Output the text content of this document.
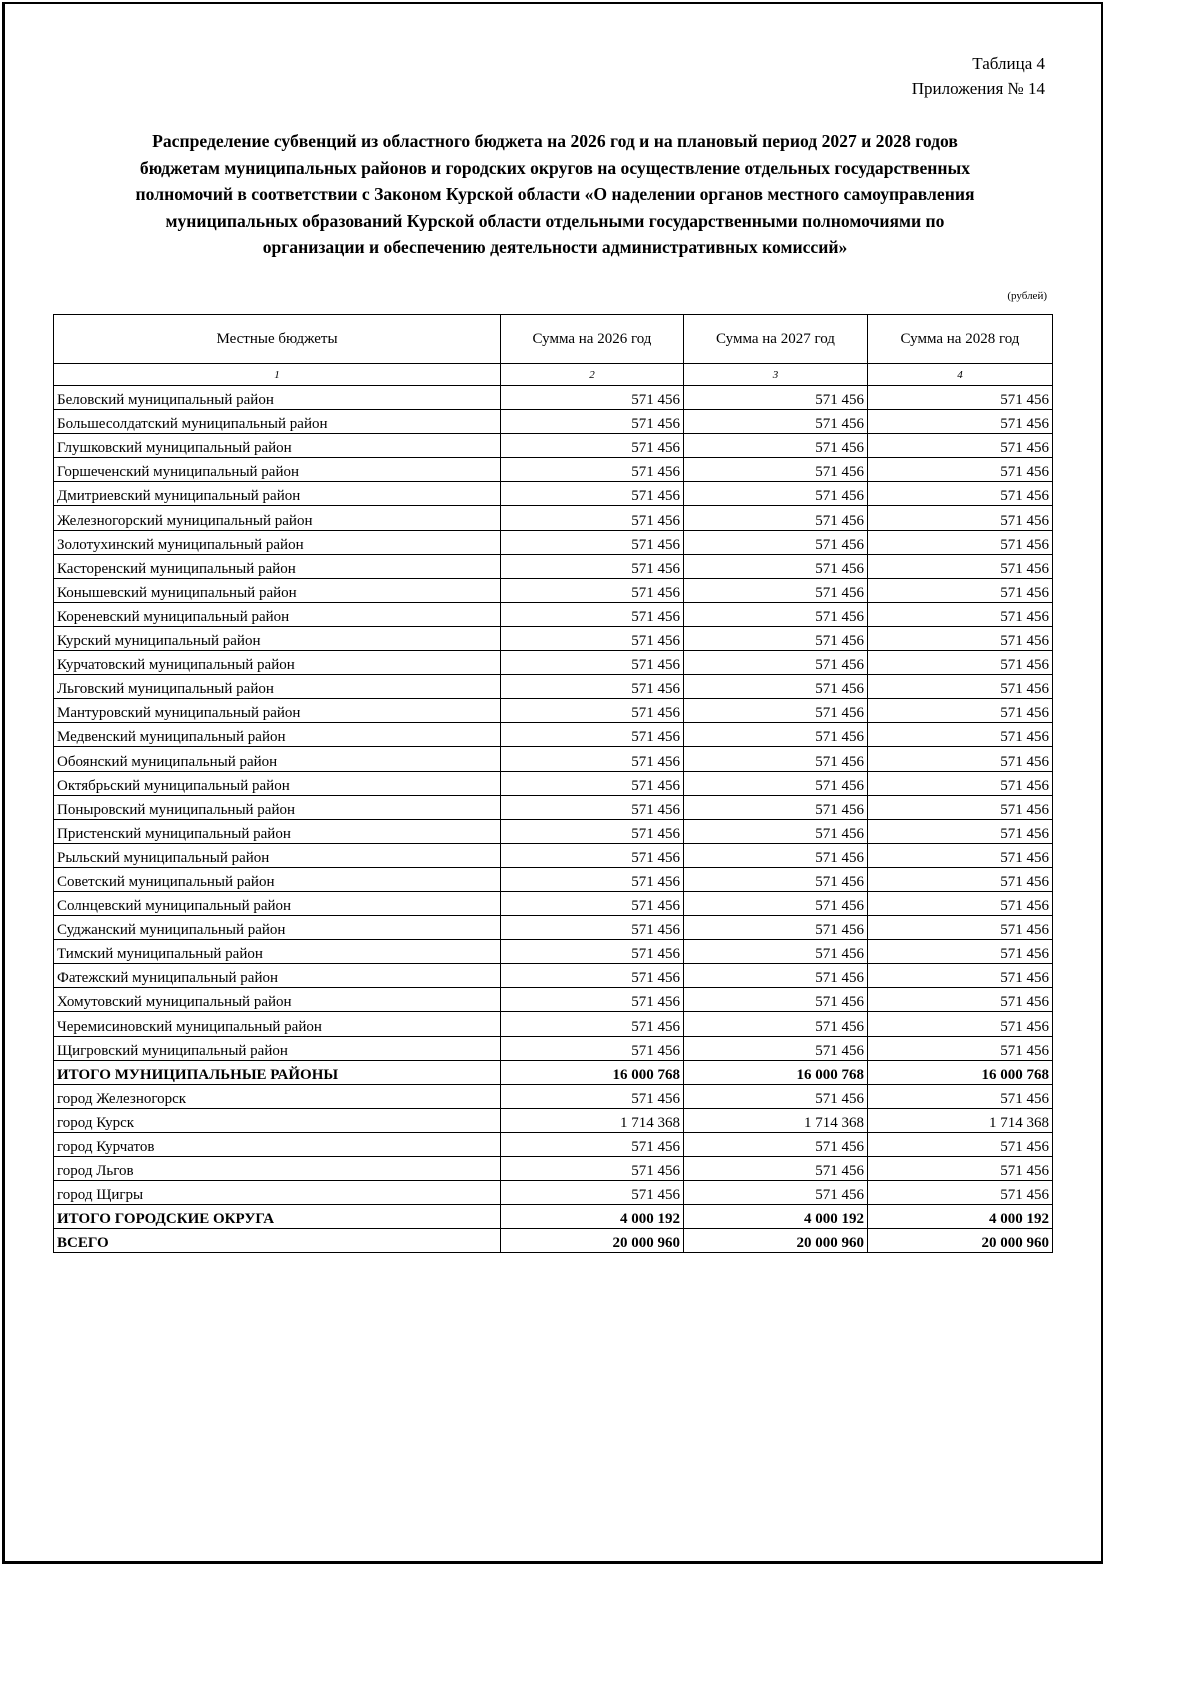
Таблица 4
Приложения № 14
Распределение субвенций из областного бюджета на 2026 год и на плановый период 2027 и 2028 годов
бюджетам муниципальных районов и городских округов на осуществление отдельных государственных
полномочий в соответствии с Законом Курской области «О наделении органов местного самоуправления
муниципальных образований Курской области отдельными государственными полномочиями по
организации и обеспечению деятельности административных комиссий»
(рублей)
Местные бюджеты	Сумма на 2026 год	Сумма на 2027 год	Сумма на 2028 год
1	2	3	4
Беловский муниципальный район	571 456	571 456	571 456
Большесолдатский муниципальный район	571 456	571 456	571 456
Глушковский муниципальный район	571 456	571 456	571 456
Горшеченский муниципальный район	571 456	571 456	571 456
Дмитриевский муниципальный район	571 456	571 456	571 456
Железногорский муниципальный район	571 456	571 456	571 456
Золотухинский муниципальный район	571 456	571 456	571 456
Касторенский муниципальный район	571 456	571 456	571 456
Конышевский муниципальный район	571 456	571 456	571 456
Кореневский муниципальный район	571 456	571 456	571 456
Курский муниципальный район	571 456	571 456	571 456
Курчатовский муниципальный район	571 456	571 456	571 456
Льговский муниципальный район	571 456	571 456	571 456
Мантуровский муниципальный район	571 456	571 456	571 456
Медвенский муниципальный район	571 456	571 456	571 456
Обоянский муниципальный район	571 456	571 456	571 456
Октябрьский муниципальный район	571 456	571 456	571 456
Поныровский муниципальный район	571 456	571 456	571 456
Пристенский муниципальный район	571 456	571 456	571 456
Рыльский муниципальный район	571 456	571 456	571 456
Советский муниципальный район	571 456	571 456	571 456
Солнцевский муниципальный район	571 456	571 456	571 456
Суджанский муниципальный район	571 456	571 456	571 456
Тимский муниципальный район	571 456	571 456	571 456
Фатежский муниципальный район	571 456	571 456	571 456
Хомутовский муниципальный район	571 456	571 456	571 456
Черемисиновский муниципальный район	571 456	571 456	571 456
Щигровский муниципальный район	571 456	571 456	571 456
ИТОГО МУНИЦИПАЛЬНЫЕ РАЙОНЫ	16 000 768	16 000 768	16 000 768
город Железногорск	571 456	571 456	571 456
город Курск	1 714 368	1 714 368	1 714 368
город Курчатов	571 456	571 456	571 456
город Льгов	571 456	571 456	571 456
город Щигры	571 456	571 456	571 456
ИТОГО ГОРОДСКИЕ ОКРУГА	4 000 192	4 000 192	4 000 192
ВСЕГО	20 000 960	20 000 960	20 000 960
